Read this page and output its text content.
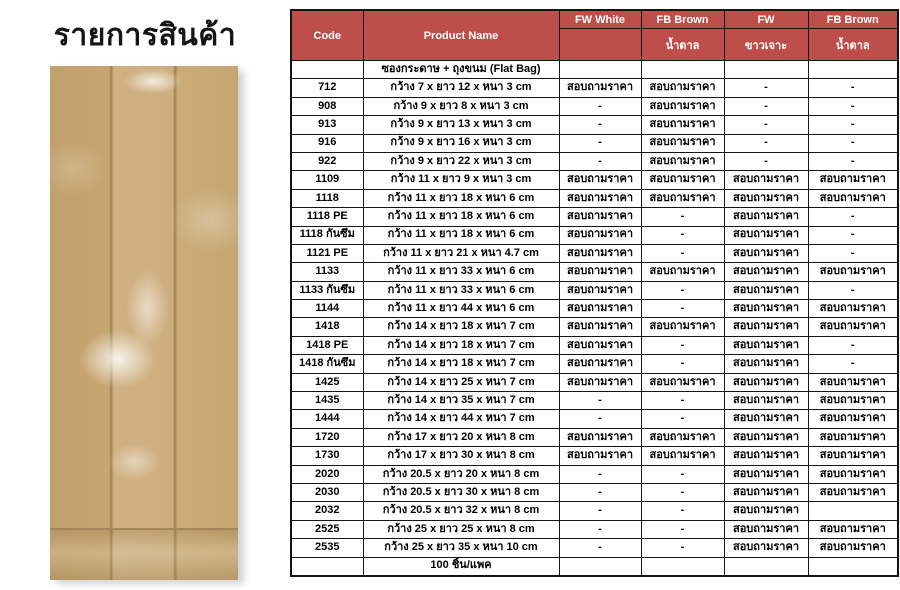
รายการสินค้า	Code	Product Name	FW White	FB Brown	FW	FB Brown
			น้ำตาล	ขาวเจาะ	น้ำตาล
	ซองกระดาษ + ถุงขนม (Flat Bag)				
712	กว้าง 7 x ยาว 12 x หนา 3 cm	สอบถามราคา	สอบถามราคา	-	-
908	กว้าง 9 x ยาว 8 x หนา 3 cm	-	สอบถามราคา	-	-
913	กว้าง 9 x ยาว 13 x หนา 3 cm	-	สอบถามราคา	-	-
916	กว้าง 9 x ยาว 16 x หนา 3 cm	-	สอบถามราคา	-	-
922	กว้าง 9 x ยาว 22 x หนา 3 cm	-	สอบถามราคา	-	-
1109	กว้าง 11 x ยาว 9 x หนา 3 cm	สอบถามราคา	สอบถามราคา	สอบถามราคา	สอบถามราคา
1118	กว้าง 11 x ยาว 18 x หนา 6 cm	สอบถามราคา	สอบถามราคา	สอบถามราคา	สอบถามราคา
1118 PE	กว้าง 11 x ยาว 18 x หนา 6 cm	สอบถามราคา	-	สอบถามราคา	-
1118 กันซึม	กว้าง 11 x ยาว 18 x หนา 6 cm	สอบถามราคา	-	สอบถามราคา	-
1121 PE	กว้าง 11 x ยาว 21 x หนา 4.7 cm	สอบถามราคา	-	สอบถามราคา	-
1133	กว้าง 11 x ยาว 33 x หนา 6 cm	สอบถามราคา	สอบถามราคา	สอบถามราคา	สอบถามราคา
1133 กันซึม	กว้าง 11 x ยาว 33 x หนา 6 cm	สอบถามราคา	-	สอบถามราคา	-
1144	กว้าง 11 x ยาว 44 x หนา 6 cm	สอบถามราคา	-	สอบถามราคา	สอบถามราคา
1418	กว้าง 14 x ยาว 18 x หนา 7 cm	สอบถามราคา	สอบถามราคา	สอบถามราคา	สอบถามราคา
1418 PE	กว้าง 14 x ยาว 18 x หนา 7 cm	สอบถามราคา	-	สอบถามราคา	-
1418 กันซึม	กว้าง 14 x ยาว 18 x หนา 7 cm	สอบถามราคา	-	สอบถามราคา	-
1425	กว้าง 14 x ยาว 25 x หนา 7 cm	สอบถามราคา	สอบถามราคา	สอบถามราคา	สอบถามราคา
1435	กว้าง 14 x ยาว 35 x หนา 7 cm	-	-	สอบถามราคา	สอบถามราคา
1444	กว้าง 14 x ยาว 44 x หนา 7 cm	-	-	สอบถามราคา	สอบถามราคา
1720	กว้าง 17 x ยาว 20 x หนา 8 cm	สอบถามราคา	สอบถามราคา	สอบถามราคา	สอบถามราคา
1730	กว้าง 17 x ยาว 30 x หนา 8 cm	สอบถามราคา	สอบถามราคา	สอบถามราคา	สอบถามราคา
2020	กว้าง 20.5 x ยาว 20 x หนา 8 cm	-	-	สอบถามราคา	สอบถามราคา
2030	กว้าง 20.5 x ยาว 30 x หนา 8 cm	-	-	สอบถามราคา	สอบถามราคา
2032	กว้าง 20.5 x ยาว 32 x หนา 8 cm	-	-	สอบถามราคา	
2525	กว้าง 25 x ยาว 25 x หนา 8 cm	-	-	สอบถามราคา	สอบถามราคา
2535	กว้าง 25 x ยาว 35 x หนา 10 cm	-	-	สอบถามราคา	สอบถามราคา
	100 ชิ้น/แพค				
